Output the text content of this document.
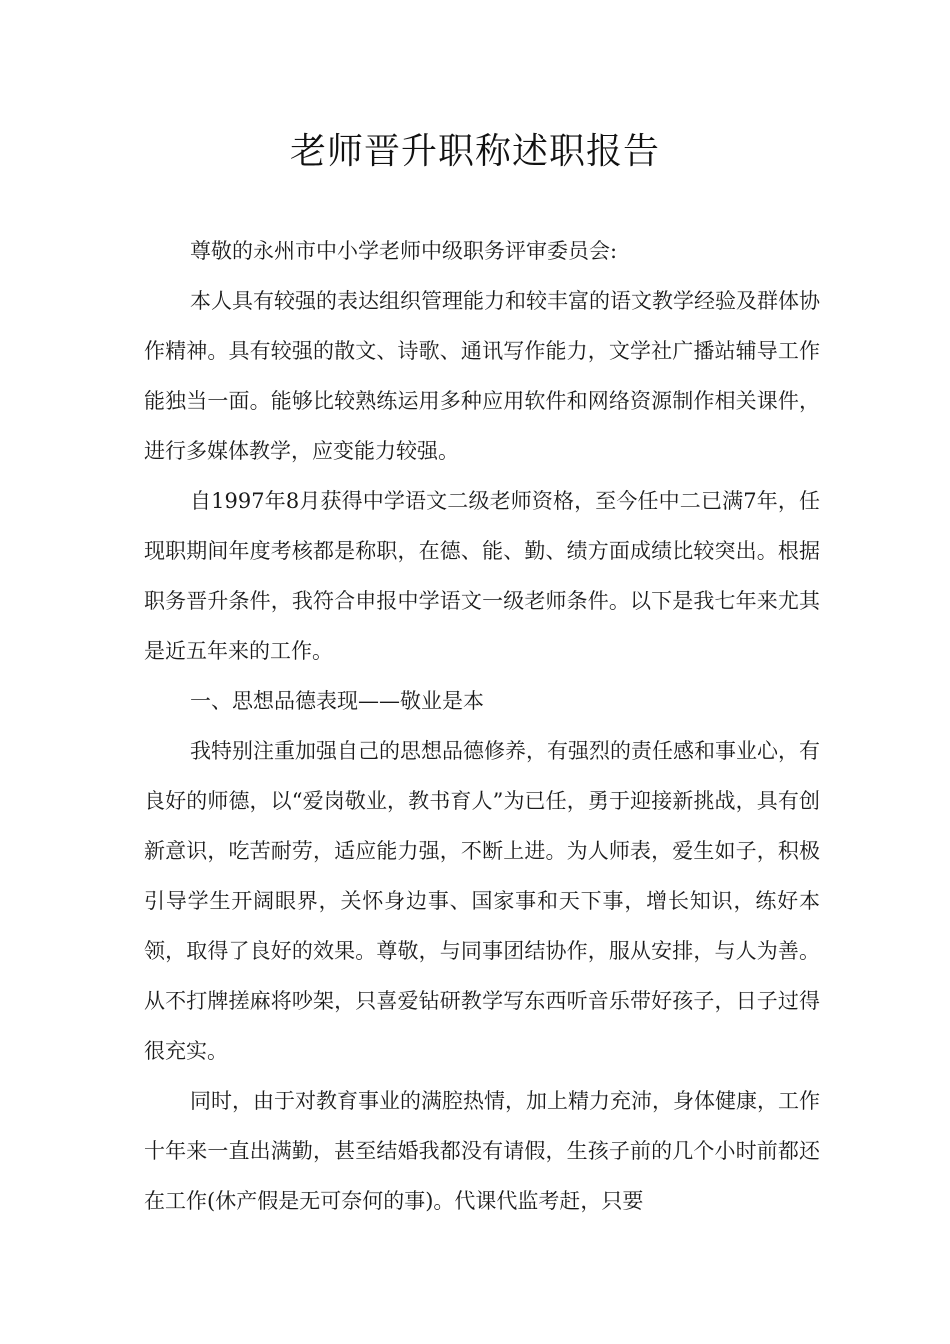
老师晋升职称述职报告

尊敬的永州市中小学老师中级职务评审委员会:

本人具有较强的表达组织管理能力和较丰富的语文教学经验及群体协作精神。具有较强的散文、诗歌、通讯写作能力，文学社广播站辅导工作能独当一面。能够比较熟练运用多种应用软件和网络资源制作相关课件，进行多媒体教学，应变能力较强。

自1997年8月获得中学语文二级老师资格，至今任中二已满7年，任现职期间年度考核都是称职，在德、能、勤、绩方面成绩比较突出。根据职务晋升条件，我符合申报中学语文一级老师条件。以下是我七年来尤其是近五年来的工作。

一、思想品德表现——敬业是本

我特别注重加强自己的思想品德修养，有强烈的责任感和事业心，有良好的师德，以“爱岗敬业，教书育人”为已任，勇于迎接新挑战，具有创新意识，吃苦耐劳，适应能力强，不断上进。为人师表，爱生如子，积极引导学生开阔眼界，关怀身边事、国家事和天下事，增长知识，练好本领，取得了良好的效果。尊敬，与同事团结协作，服从安排，与人为善。从不打牌搓麻将吵架，只喜爱钻研教学写东西听音乐带好孩子，日子过得很充实。

同时，由于对教育事业的满腔热情，加上精力充沛，身体健康，工作十年来一直出满勤，甚至结婚我都没有请假，生孩子前的几个小时前都还在工作(休产假是无可奈何的事)。代课代监考赶，只要
